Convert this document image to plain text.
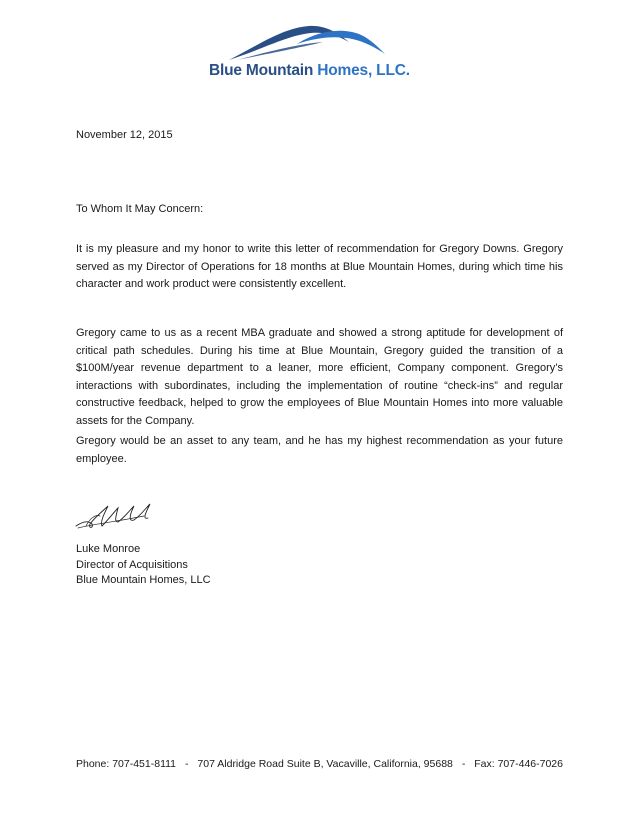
Blue Mountain Homes, LLC.
November 12, 2015
To Whom It May Concern:
It is my pleasure and my honor to write this letter of recommendation for Gregory Downs. Gregory served as my Director of Operations for 18 months at Blue Mountain Homes, during which time his character and work product were consistently excellent.
Gregory came to us as a recent MBA graduate and showed a strong aptitude for development of critical path schedules. During his time at Blue Mountain, Gregory guided the transition of a $100M/year revenue department to a leaner, more efficient, Company component. Gregory’s interactions with subordinates, including the implementation of routine “check-ins” and regular constructive feedback, helped to grow the employees of Blue Mountain Homes into more valuable assets for the Company.
Gregory would be an asset to any team, and he has my highest recommendation as your future employee.
Luke Monroe
Director of Acquisitions
Blue Mountain Homes, LLC
Phone: 707-451-8111 - 707 Aldridge Road Suite B, Vacaville, California, 95688 - Fax: 707-446-7026
